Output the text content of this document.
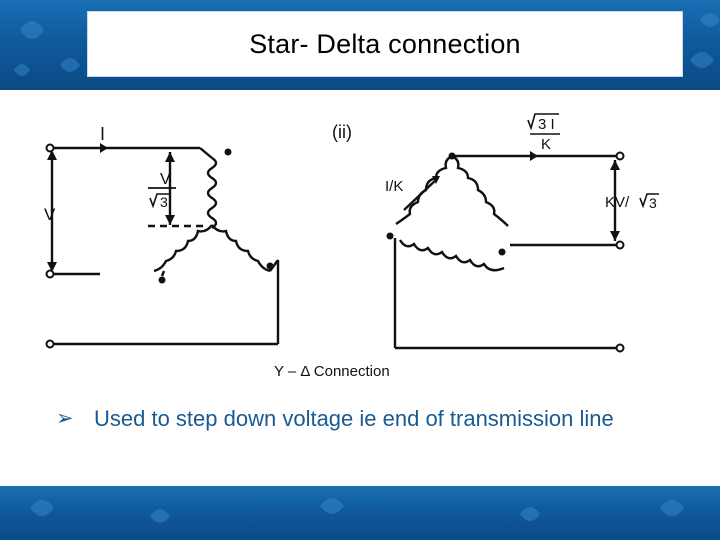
Star- Delta connection
I	(ii)
V
3
V
I/K
3 I
K
KV/ 3
Y – Δ Connection
➢ Used to step down voltage ie end of transmission line
